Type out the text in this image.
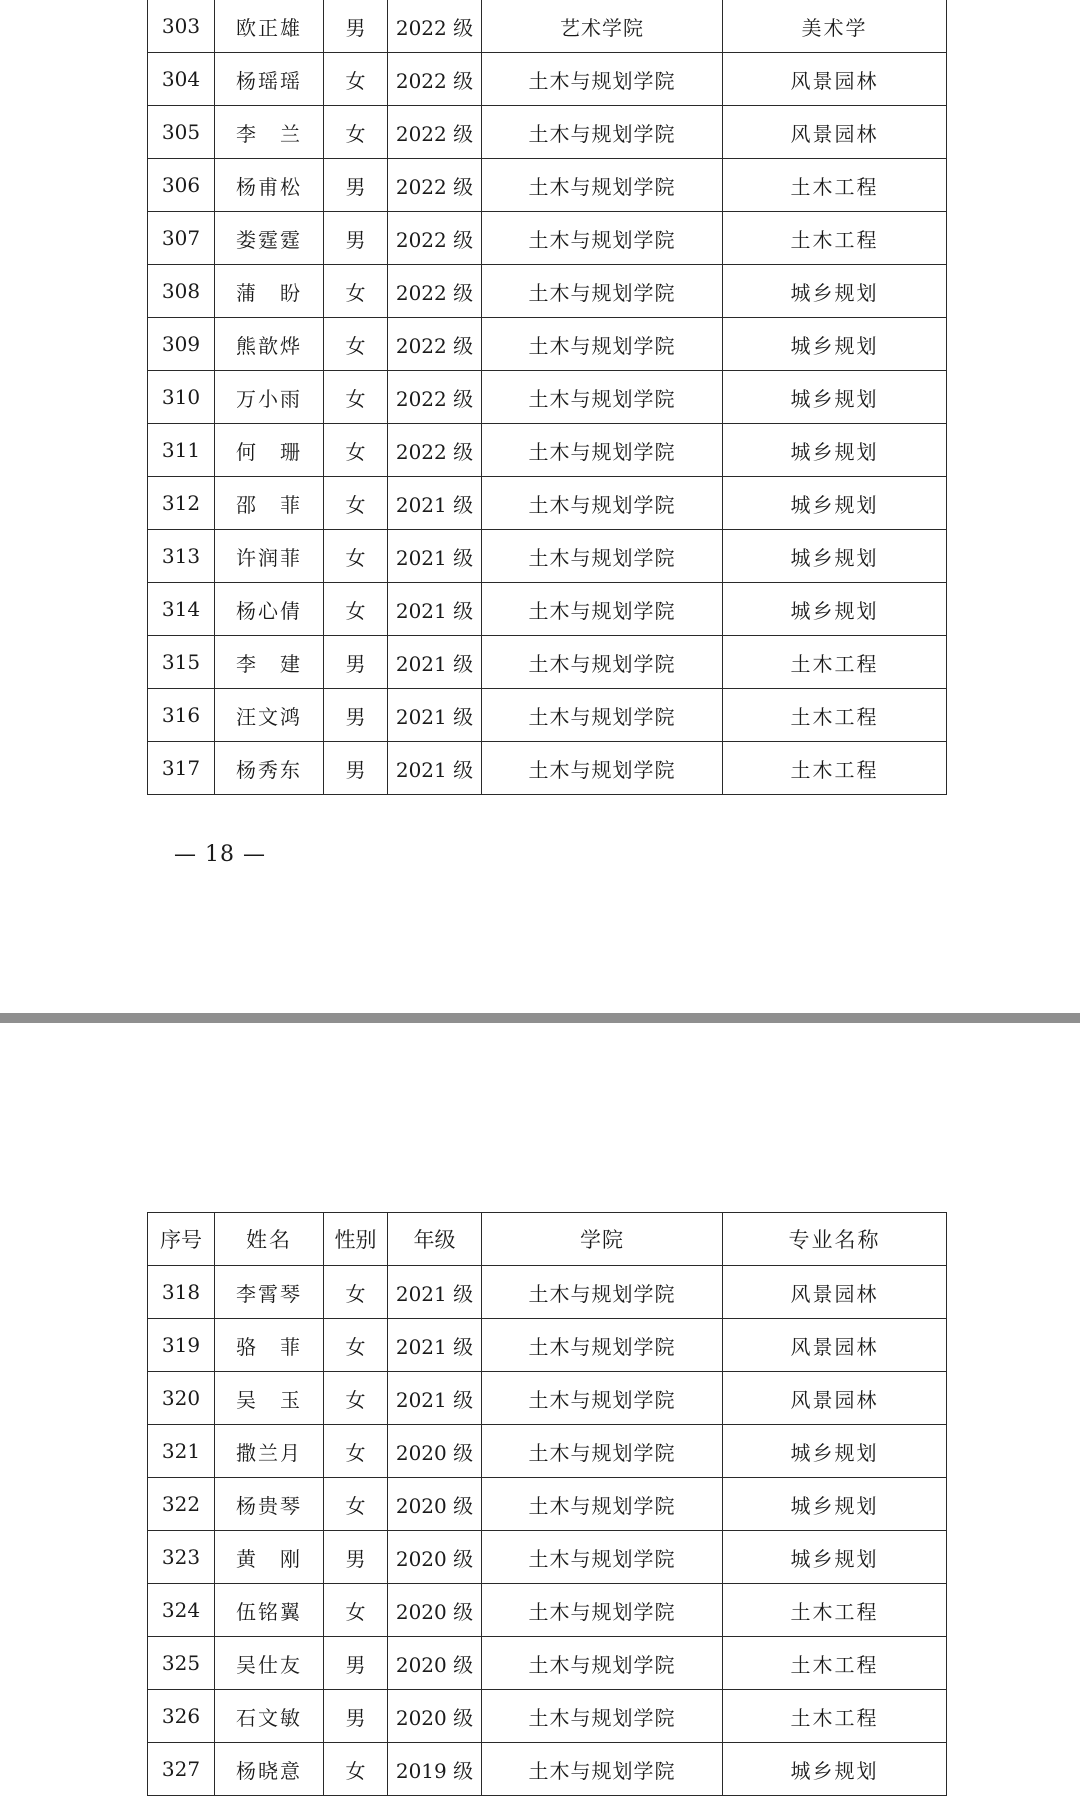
303	欧正雄	男	2022 级	艺术学院	美术学
304	杨瑶瑶	女	2022 级	土木与规划学院	风景园林
305	李　兰	女	2022 级	土木与规划学院	风景园林
306	杨甫松	男	2022 级	土木与规划学院	土木工程
307	娄霆霆	男	2022 级	土木与规划学院	土木工程
308	蒲　盼	女	2022 级	土木与规划学院	城乡规划
309	熊歆烨	女	2022 级	土木与规划学院	城乡规划
310	万小雨	女	2022 级	土木与规划学院	城乡规划
311	何　珊	女	2022 级	土木与规划学院	城乡规划
312	邵　菲	女	2021 级	土木与规划学院	城乡规划
313	许润菲	女	2021 级	土木与规划学院	城乡规划
314	杨心倩	女	2021 级	土木与规划学院	城乡规划
315	李　建	男	2021 级	土木与规划学院	土木工程
316	汪文鸿	男	2021 级	土木与规划学院	土木工程
317	杨秀东	男	2021 级	土木与规划学院	土木工程
— 18 —
序号	姓名	性别	年级	学院	专业名称
318	李霄琴	女	2021 级	土木与规划学院	风景园林
319	骆　菲	女	2021 级	土木与规划学院	风景园林
320	吴　玉	女	2021 级	土木与规划学院	风景园林
321	撒兰月	女	2020 级	土木与规划学院	城乡规划
322	杨贵琴	女	2020 级	土木与规划学院	城乡规划
323	黄　刚	男	2020 级	土木与规划学院	城乡规划
324	伍铭翼	女	2020 级	土木与规划学院	土木工程
325	吴仕友	男	2020 级	土木与规划学院	土木工程
326	石文敏	男	2020 级	土木与规划学院	土木工程
327	杨晓意	女	2019 级	土木与规划学院	城乡规划
